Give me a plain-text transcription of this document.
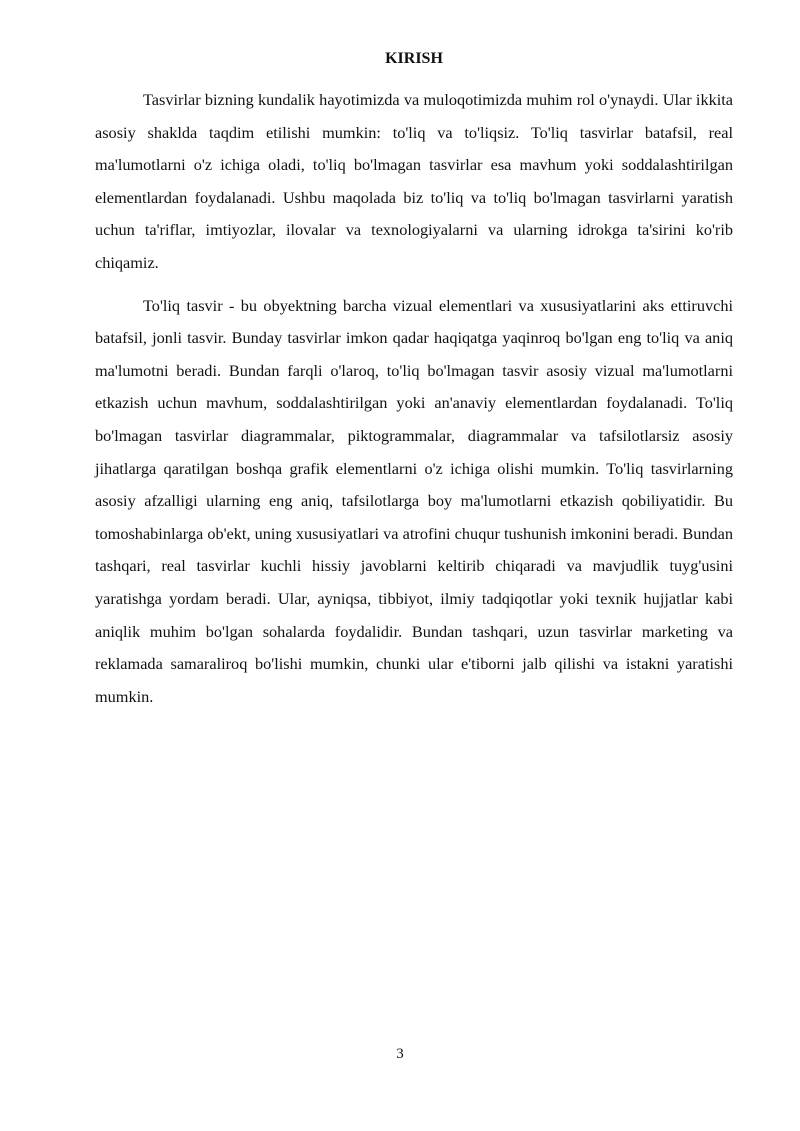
KIRISH

Tasvirlar bizning kundalik hayotimizda va muloqotimizda muhim rol o'ynaydi. Ular ikkita asosiy shaklda taqdim etilishi mumkin: to'liq va to'liqsiz. To'liq tasvirlar batafsil, real ma'lumotlarni o'z ichiga oladi, to'liq bo'lmagan tasvirlar esa mavhum yoki soddalashtirilgan elementlardan foydalanadi. Ushbu maqolada biz to'liq va to'liq bo'lmagan tasvirlarni yaratish uchun ta'riflar, imtiyozlar, ilovalar va texnologiyalarni va ularning idrokga ta'sirini ko'rib chiqamiz.

To'liq tasvir - bu obyektning barcha vizual elementlari va xususiyatlarini aks ettiruvchi batafsil, jonli tasvir. Bunday tasvirlar imkon qadar haqiqatga yaqinroq bo'lgan eng to'liq va aniq ma'lumotni beradi. Bundan farqli o'laroq, to'liq bo'lmagan tasvir asosiy vizual ma'lumotlarni etkazish uchun mavhum, soddalashtirilgan yoki an'anaviy elementlardan foydalanadi. To'liq bo'lmagan tasvirlar diagrammalar, piktogrammalar, diagrammalar va tafsilotlarsiz asosiy jihatlarga qaratilgan boshqa grafik elementlarni o'z ichiga olishi mumkin. To'liq tasvirlarning asosiy afzalligi ularning eng aniq, tafsilotlarga boy ma'lumotlarni etkazish qobiliyatidir. Bu tomoshabinlarga ob'ekt, uning xususiyatlari va atrofini chuqur tushunish imkonini beradi. Bundan tashqari, real tasvirlar kuchli hissiy javoblarni keltirib chiqaradi va mavjudlik tuyg'usini yaratishga yordam beradi. Ular, ayniqsa, tibbiyot, ilmiy tadqiqotlar yoki texnik hujjatlar kabi aniqlik muhim bo'lgan sohalarda foydalidir. Bundan tashqari, uzun tasvirlar marketing va reklamada samaraliroq bo'lishi mumkin, chunki ular e'tiborni jalb qilishi va istakni yaratishi mumkin.

3
